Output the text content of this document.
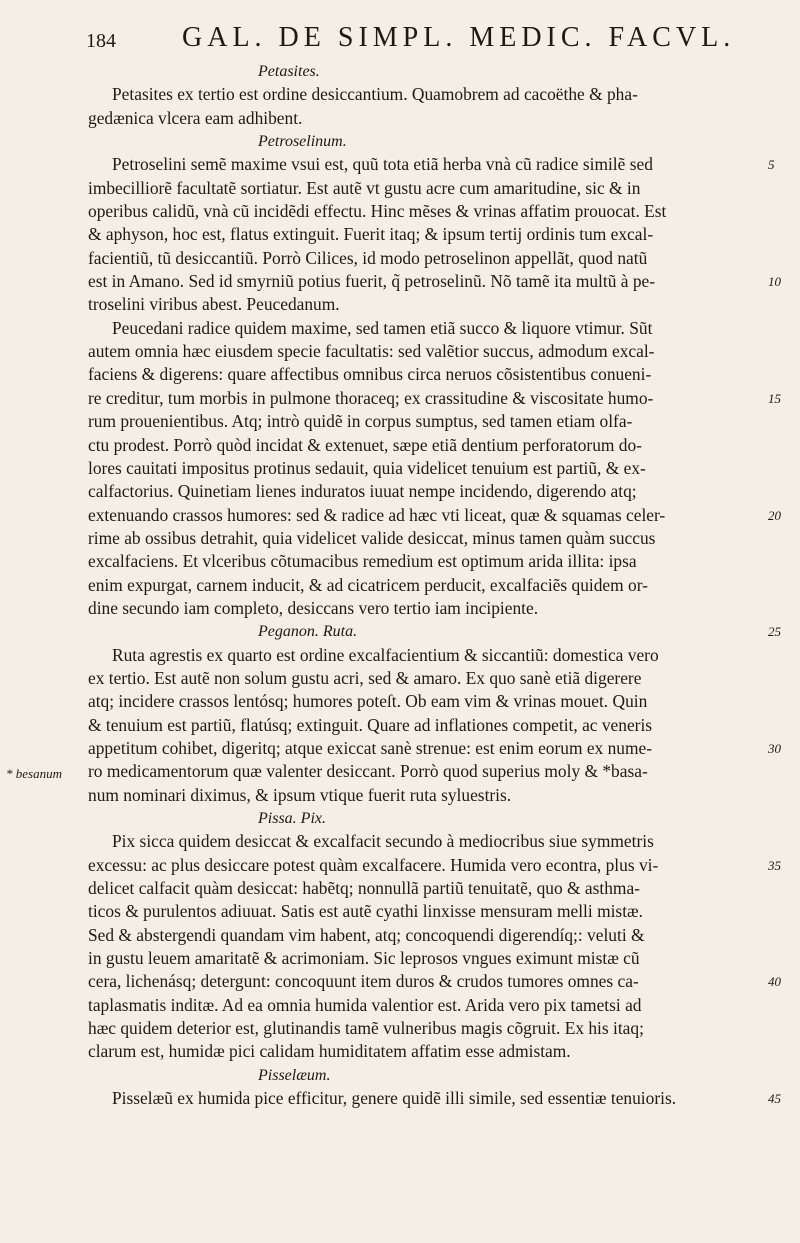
184 GAL. DE SIMPL. MEDIC. FACVL.
* besanum
Petasites.
Petasites ex tertio est ordine desiccantium. Quamobrem ad cacoëthe & pha-
gedænica vlcera eam adhibent.
Petroselinum.
Petroselini semẽ maxime vsui est, quũ tota etiã herba vnà cũ radice similẽ sed	5
imbecilliorẽ facultatẽ sortiatur. Est autẽ vt gustu acre cum amaritudine, sic & in
operibus calidũ, vnà cũ incidẽdi effectu. Hinc mẽses & vrinas affatim prouocat. Est
& aphyson, hoc est, flatus extinguit. Fuerit itaq; & ipsum tertij ordinis tum excal-
facientiũ, tũ desiccantiũ. Porrò Cilices, id modo petroselinon appellãt, quod natũ
est in Amano. Sed id smyrniũ potius fuerit, q̃ petroselinũ. Nõ tamẽ ita multũ à pe-	10
troselini viribus abest. Peucedanum.
Peucedani radice quidem maxime, sed tamen etiã succo & liquore vtimur. Sũt
autem omnia hæc eiusdem specie facultatis: sed valẽtior succus, admodum excal-
faciens & digerens: quare affectibus omnibus circa neruos cõsistentibus conueni-
re creditur, tum morbis in pulmone thoraceq; ex crassitudine & viscositate humo-	15
rum prouenientibus. Atq; intrò quidẽ in corpus sumptus, sed tamen etiam olfa-
ctu prodest. Porrò quòd incidat & extenuet, sæpe etiã dentium perforatorum do-
lores cauitati impositus protinus sedauit, quia videlicet tenuium est partiũ, & ex-
calfactorius. Quinetiam lienes induratos iuuat nempe incidendo, digerendo atq;
extenuando crassos humores: sed & radice ad hæc vti liceat, quæ & squamas celer-	20
rime ab ossibus detrahit, quia videlicet valide desiccat, minus tamen quàm succus
excalfaciens. Et vlceribus cõtumacibus remedium est optimum arida illita: ipsa
enim expurgat, carnem inducit, & ad cicatricem perducit, excalfaciẽs quidem or-
dine secundo iam completo, desiccans vero tertio iam incipiente.
Peganon. Ruta.	25
Ruta agrestis ex quarto est ordine excalfacientium & siccantiũ: domestica vero
ex tertio. Est autẽ non solum gustu acri, sed & amaro. Ex quo sanè etiã digerere
atq; incidere crassos lentósq; humores poteſt. Ob eam vim & vrinas mouet. Quin
& tenuium est partiũ, flatúsq; extinguit. Quare ad inflationes competit, ac veneris
appetitum cohibet, digeritq; atque exiccat sanè strenue: est enim eorum ex nume-	30
ro medicamentorum quæ valenter desiccant. Porrò quod superius moly & *basa-
num nominari diximus, & ipsum vtique fuerit ruta syluestris.
Pissa. Pix.
Pix sicca quidem desiccat & excalfacit secundo à mediocribus siue symmetris
excessu: ac plus desiccare potest quàm excalfacere. Humida vero econtra, plus vi-	35
delicet calfacit quàm desiccat: habẽtq; nonnullã partiũ tenuitatẽ, quo & asthma-
ticos & purulentos adiuuat. Satis est autẽ cyathi linxisse mensuram melli mistæ.
Sed & abstergendi quandam vim habent, atq; concoquendi digerendíq;: veluti &
in gustu leuem amaritatẽ & acrimoniam. Sic leprosos vngues eximunt mistæ cũ
cera, lichenásq; detergunt: concoquunt item duros & crudos tumores omnes ca-	40
taplasmatis inditæ. Ad ea omnia humida valentior est. Arida vero pix tametsi ad
hæc quidem deterior est, glutinandis tamẽ vulneribus magis cõgruit. Ex his itaq;
clarum est, humidæ pici calidam humiditatem affatim esse admistam.
Pisselæum.
Pisselæũ ex humida pice efficitur, genere quidẽ illi simile, sed essentiæ tenuioris.	45
